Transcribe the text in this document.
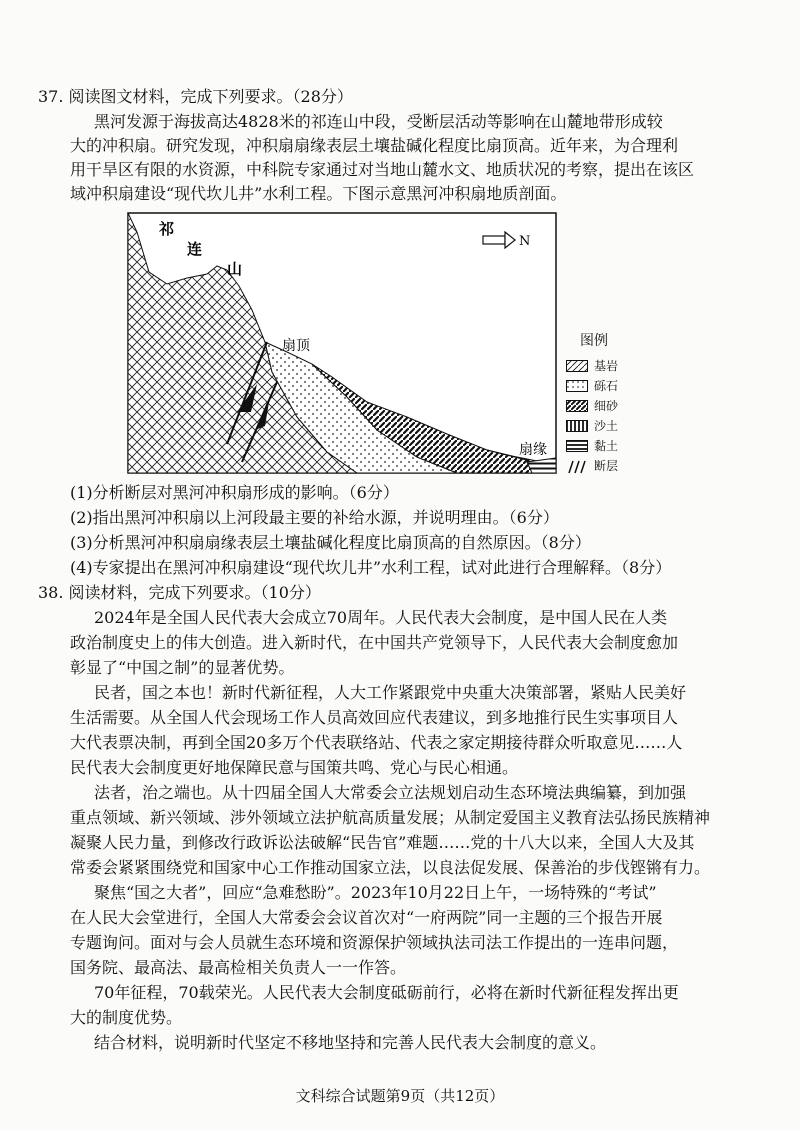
37. 阅读图文材料，完成下列要求。（28分）
黑河发源于海拔高达4828米的祁连山中段，受断层活动等影响在山麓地带形成较
大的冲积扇。研究发现，冲积扇扇缘表层土壤盐碱化程度比扇顶高。近年来，为合理利
用干旱区有限的水资源，中科院专家通过对当地山麓水文、地质状况的考察，提出在该区
域冲积扇建设“现代坎儿井”水利工程。下图示意黑河冲积扇地质剖面。
N
祁
连
山
扇顶
扇缘
图例
基岩
砾石
细砂
沙土
黏土
断层
(1)分析断层对黑河冲积扇形成的影响。（6分）
(2)指出黑河冲积扇以上河段最主要的补给水源，并说明理由。（6分）
(3)分析黑河冲积扇扇缘表层土壤盐碱化程度比扇顶高的自然原因。（8分）
(4)专家提出在黑河冲积扇建设“现代坎儿井”水利工程，试对此进行合理解释。（8分）
38. 阅读材料，完成下列要求。（10分）
2024年是全国人民代表大会成立70周年。人民代表大会制度，是中国人民在人类
政治制度史上的伟大创造。进入新时代，在中国共产党领导下，人民代表大会制度愈加
彰显了“中国之制”的显著优势。
民者，国之本也！新时代新征程，人大工作紧跟党中央重大决策部署，紧贴人民美好
生活需要。从全国人代会现场工作人员高效回应代表建议，到多地推行民生实事项目人
大代表票决制，再到全国20多万个代表联络站、代表之家定期接待群众听取意见……人
民代表大会制度更好地保障民意与国策共鸣、党心与民心相通。
法者，治之端也。从十四届全国人大常委会立法规划启动生态环境法典编纂，到加强
重点领域、新兴领域、涉外领域立法护航高质量发展；从制定爱国主义教育法弘扬民族精神
凝聚人民力量，到修改行政诉讼法破解“民告官”难题……党的十八大以来，全国人大及其
常委会紧紧围绕党和国家中心工作推动国家立法，以良法促发展、保善治的步伐铿锵有力。
聚焦“国之大者”，回应“急难愁盼”。2023年10月22日上午，一场特殊的“考试”
在人民大会堂进行，全国人大常委会会议首次对“一府两院”同一主题的三个报告开展
专题询问。面对与会人员就生态环境和资源保护领域执法司法工作提出的一连串问题，
国务院、最高法、最高检相关负责人一一作答。
70年征程，70载荣光。人民代表大会制度砥砺前行，必将在新时代新征程发挥出更
大的制度优势。
结合材料，说明新时代坚定不移地坚持和完善人民代表大会制度的意义。
文科综合试题第9页（共12页）
